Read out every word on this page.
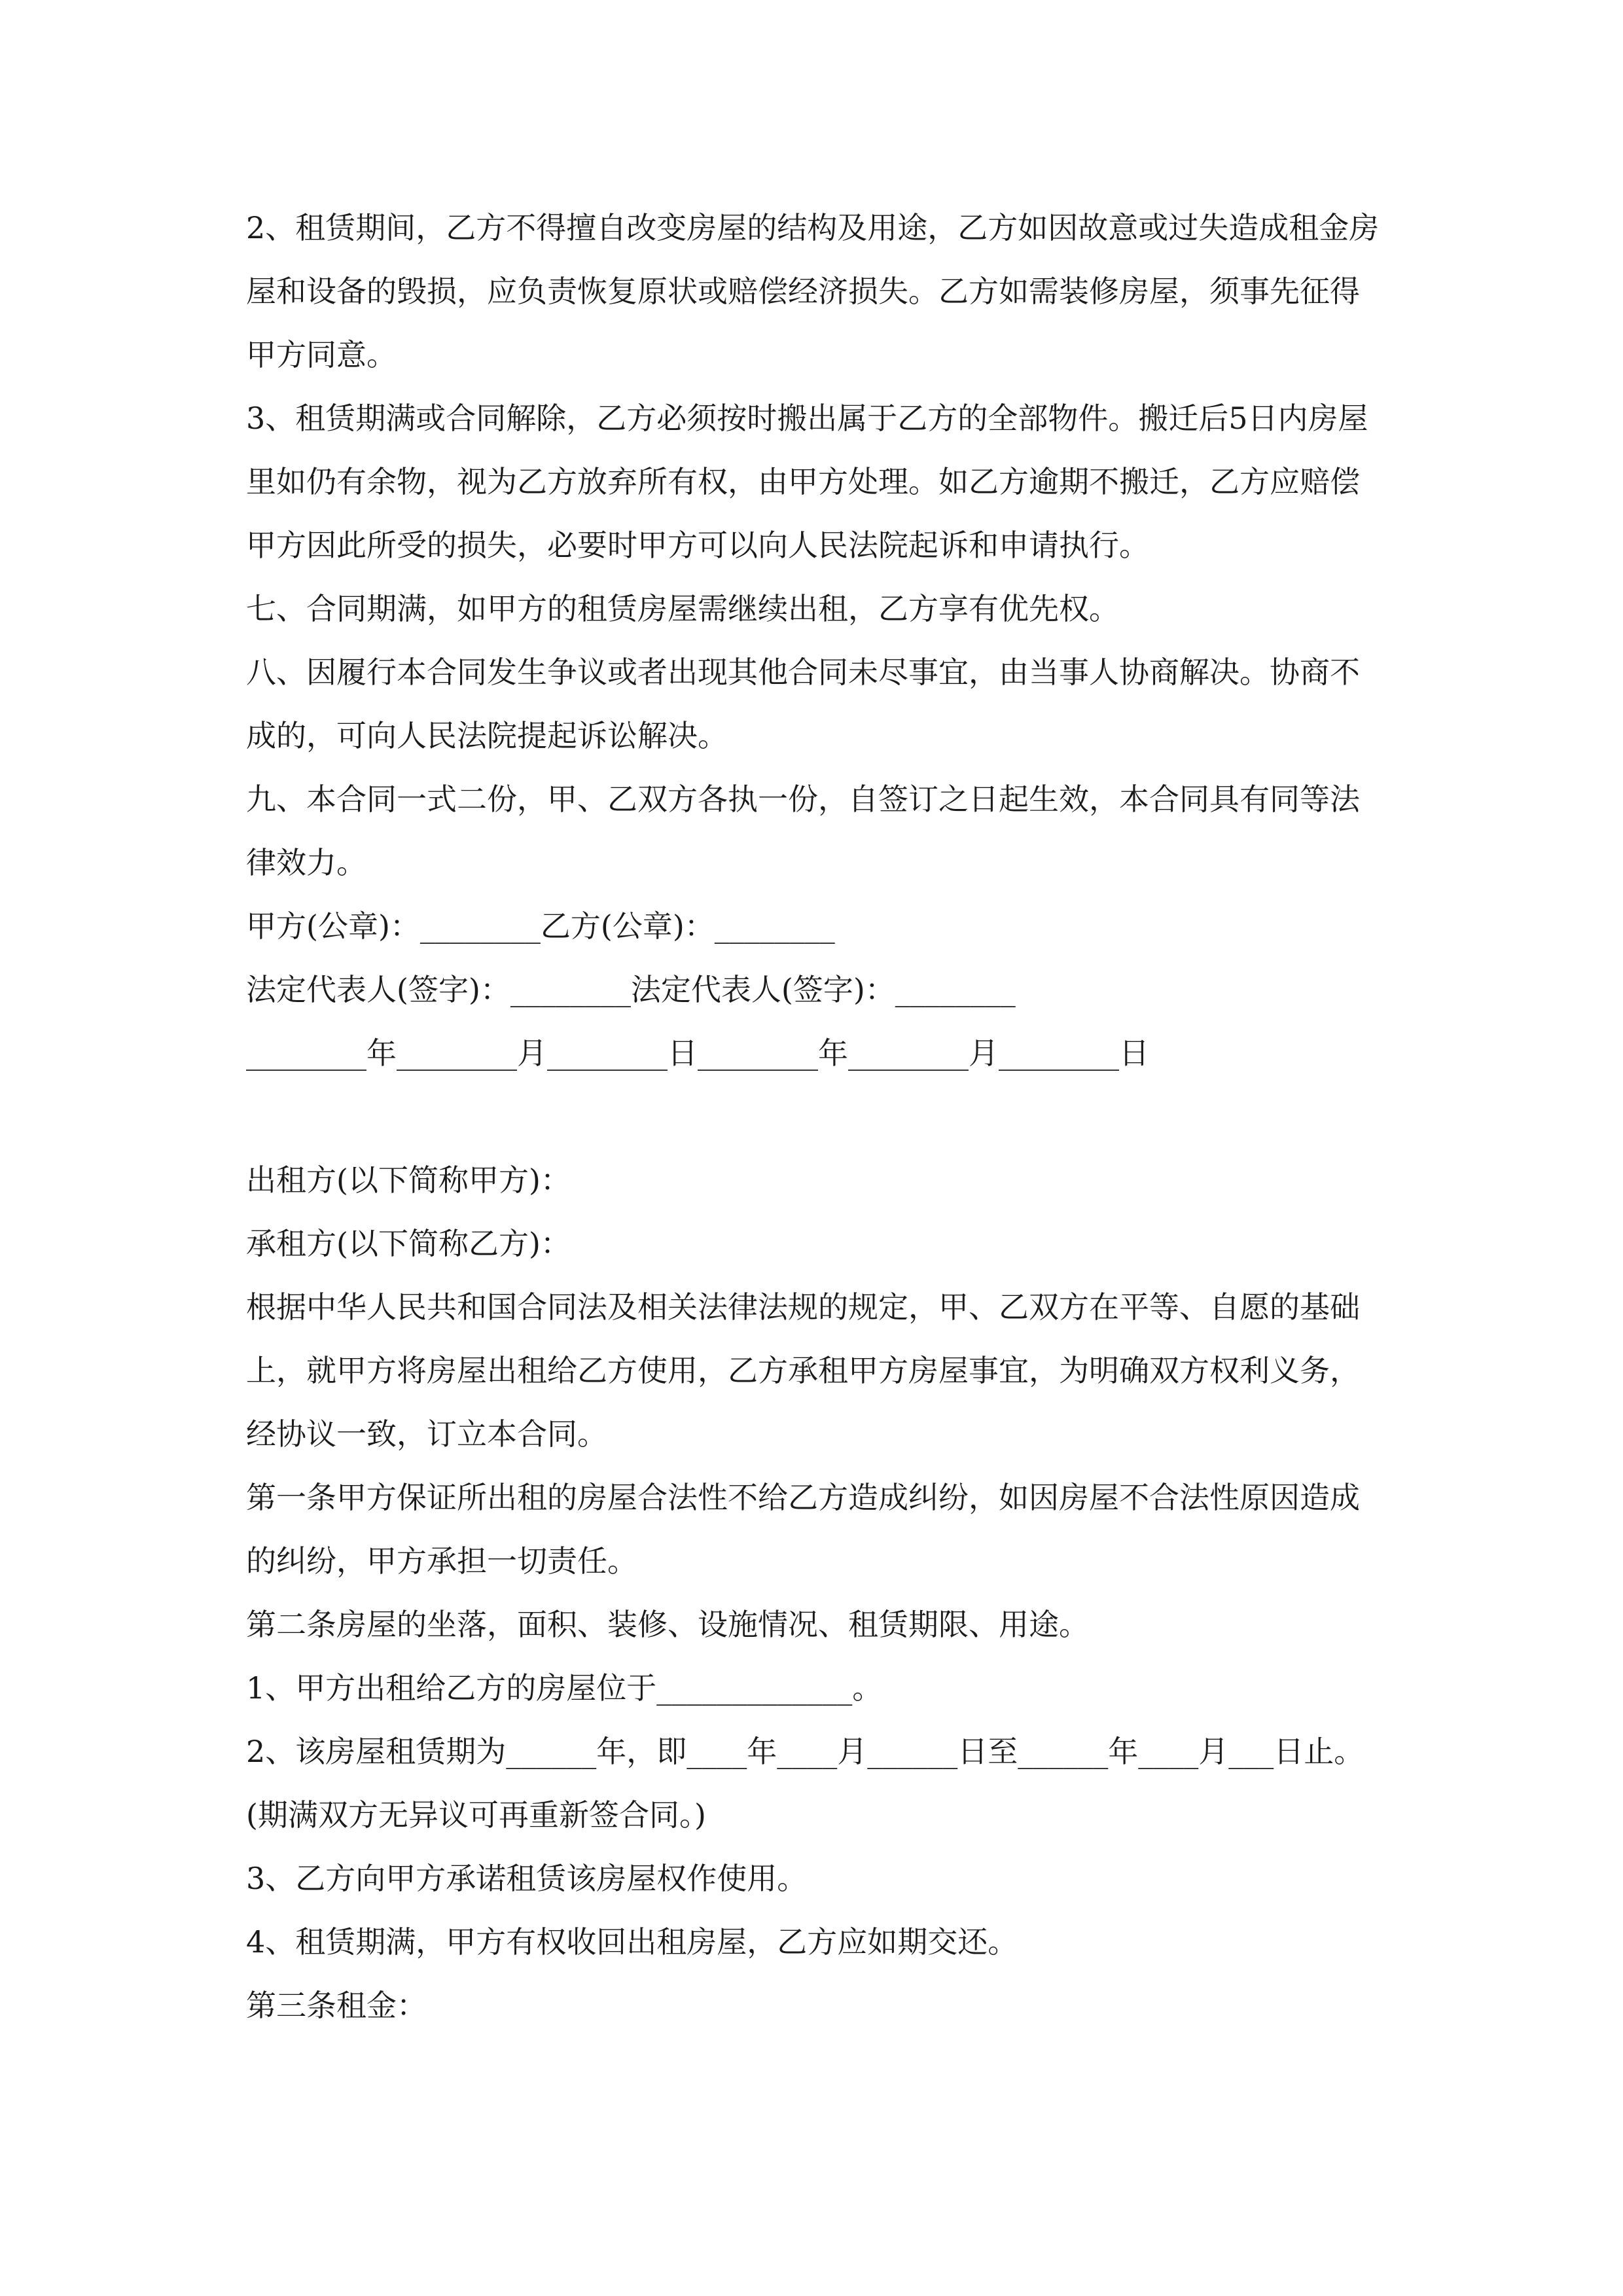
2、租赁期间，乙方不得擅自改变房屋的结构及用途，乙方如因故意或过失造成租金房屋和设备的毁损，应负责恢复原状或赔偿经济损失。乙方如需装修房屋，须事先征得甲方同意。

3、租赁期满或合同解除，乙方必须按时搬出属于乙方的全部物件。搬迁后5日内房屋里如仍有余物，视为乙方放弃所有权，由甲方处理。如乙方逾期不搬迁，乙方应赔偿甲方因此所受的损失，必要时甲方可以向人民法院起诉和申请执行。

七、合同期满，如甲方的租赁房屋需继续出租，乙方享有优先权。

八、因履行本合同发生争议或者出现其他合同未尽事宜，由当事人协商解决。协商不成的，可向人民法院提起诉讼解决。

九、本合同一式二份，甲、乙双方各执一份，自签订之日起生效，本合同具有同等法律效力。

甲方(公章)：________乙方(公章)：________

法定代表人(签字)：________法定代表人(签字)：________

________年________月________日________年________月________日

出租方(以下简称甲方)：

承租方(以下简称乙方)：

根据中华人民共和国合同法及相关法律法规的规定，甲、乙双方在平等、自愿的基础上，就甲方将房屋出租给乙方使用，乙方承租甲方房屋事宜，为明确双方权利义务，经协议一致，订立本合同。

第一条甲方保证所出租的房屋合法性不给乙方造成纠纷，如因房屋不合法性原因造成的纠纷，甲方承担一切责任。

第二条房屋的坐落，面积、装修、设施情况、租赁期限、用途。

1、甲方出租给乙方的房屋位于_____________。

2、该房屋租赁期为______年，即____年____月______日至______年____月___日止。(期满双方无异议可再重新签合同。)

3、乙方向甲方承诺租赁该房屋权作使用。

4、租赁期满，甲方有权收回出租房屋，乙方应如期交还。

第三条租金：
